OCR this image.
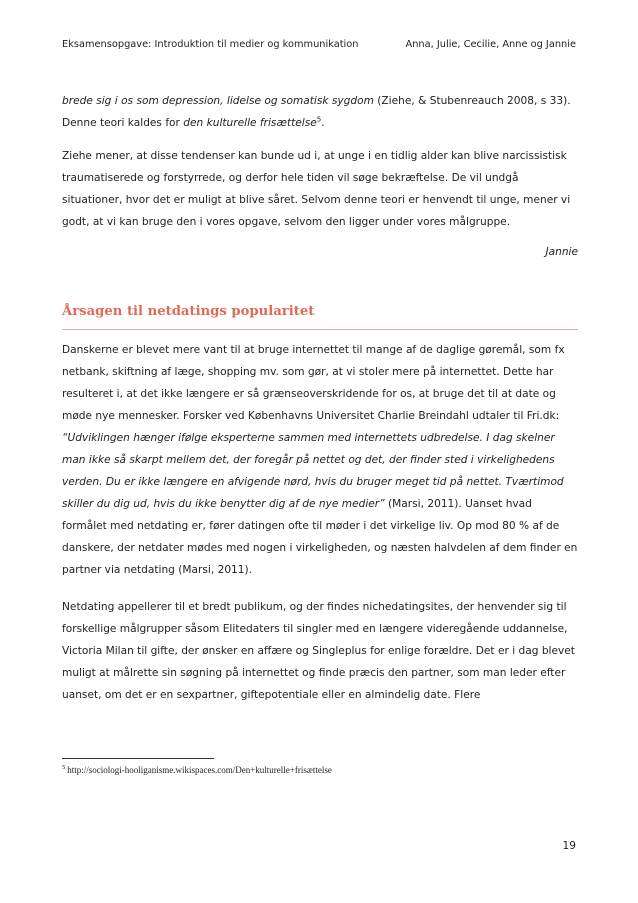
Eksamensopgave: Introduktion til medier og kommunikation	Anna, Julie, Cecilie, Anne og Jannie

brede sig i os som depression, lidelse og somatisk sygdom (Ziehe, & Stubenreauch 2008, s 33).

Denne teori kaldes for den kulturelle frisættelse$^5$.

Ziehe mener, at disse tendenser kan bunde ud i, at unge i en tidlig alder kan blive narcissistisk traumatiserede og forstyrrede, og derfor hele tiden vil søge bekræftelse. De vil undgå situationer, hvor det er muligt at blive såret. Selvom denne teori er henvendt til unge, mener vi godt, at vi kan bruge den i vores opgave, selvom den ligger under vores målgruppe.

Jannie
Årsagen til netdatings popularitet

Danskerne er blevet mere vant til at bruge internettet til mange af de daglige gøremål, som fx netbank, skiftning af læge, shopping mv. som gør, at vi stoler mere på internettet. Dette har resulteret i, at det ikke længere er så grænseoverskridende for os, at bruge det til at date og møde nye mennesker. Forsker ved Københavns Universitet Charlie Breindahl udtaler til Fri.dk: “Udviklingen hænger ifølge eksperterne sammen med internettets udbredelse. I dag skelner man ikke så skarpt mellem det, der foregår på nettet og det, der finder sted i virkelighedens verden. Du er ikke længere en afvigende nørd, hvis du bruger meget tid på nettet. Tværtimod skiller du dig ud, hvis du ikke benytter dig af de nye medier” (Marsi, 2011). Uanset hvad formålet med netdating er, fører datingen ofte til møder i det virkelige liv. Op mod 80 % af de danskere, der netdater mødes med nogen i virkeligheden, og næsten halvdelen af dem finder en partner via netdating (Marsi, 2011).

Netdating appellerer til et bredt publikum, og der findes nichedatingsites, der henvender sig til forskellige målgrupper såsom Elitedaters til singler med en længere videregående uddannelse, Victoria Milan til gifte, der ønsker en affære og Singleplus for enlige forældre. Det er i dag blevet muligt at målrette sin søgning på internettet og finde præcis den partner, som man leder efter uanset, om det er en sexpartner, giftepotentiale eller en almindelig date. Flere

$^5$ http://sociologi-hooliganisme.wikispaces.com/Den+kulturelle+frisættelse
19
